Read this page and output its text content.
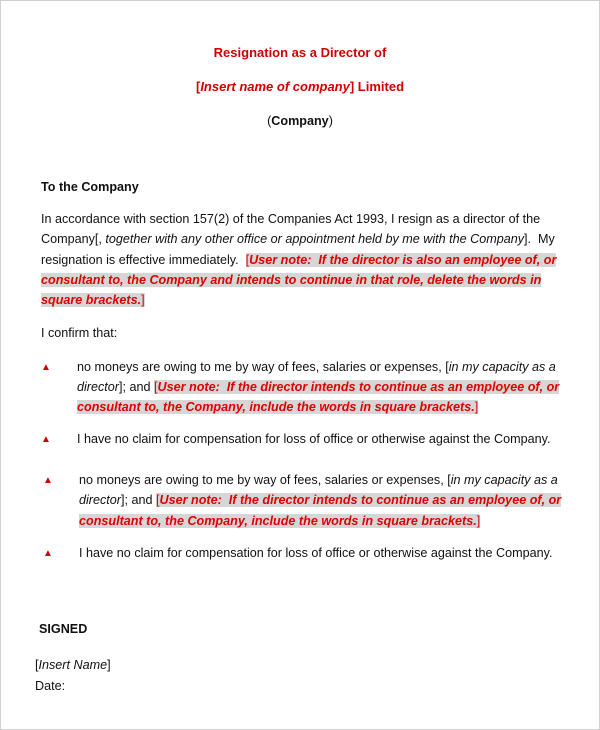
Resignation as a Director of
[Insert name of company] Limited
(Company)
To the Company
In accordance with section 157(2) of the Companies Act 1993, I resign as a director of the
Company[, together with any other office or appointment held by me with the Company].  My
resignation is effective immediately.  [User note:  If the director is also an employee of, or
consultant to, the Company and intends to continue in that role, delete the words in
square brackets.]
I confirm that:
▲ no moneys are owing to me by way of fees, salaries or expenses, [in my capacity as a
director]; and [User note:  If the director intends to continue as an employee of, or
consultant to, the Company, include the words in square brackets.]
▲ I have no claim for compensation for loss of office or otherwise against the Company.
▲ no moneys are owing to me by way of fees, salaries or expenses, [in my capacity as a
director]; and [User note:  If the director intends to continue as an employee of, or
consultant to, the Company, include the words in square brackets.]
▲ I have no claim for compensation for loss of office or otherwise against the Company.
SIGNED
[Insert Name]
Date:
